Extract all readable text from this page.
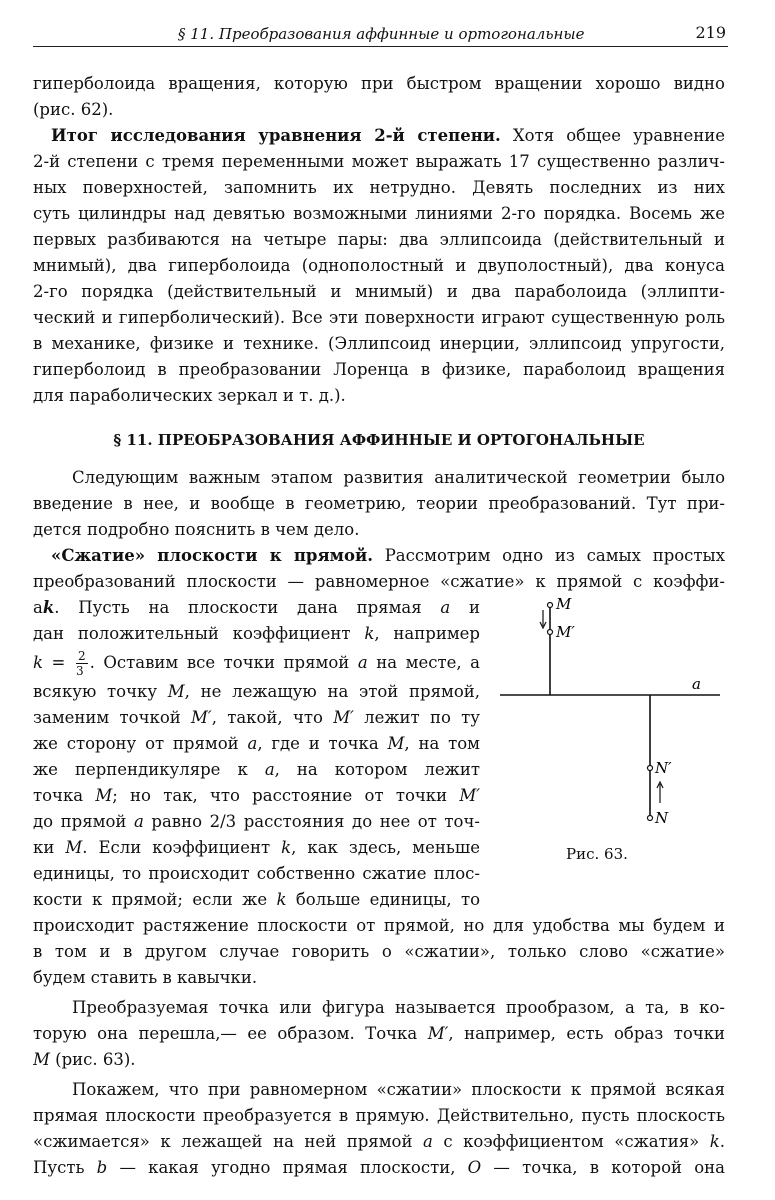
§ 11. Преобразования аффинные и ортогональные	219
гиперболоида вращения, которую при быстром вращении хорошо видно
(рис. 62).
Итог исследования уравнения 2-й степени. Хотя общее уравнение
2-й степени с тремя переменными может выражать 17 существенно различ-
ных поверхностей, запомнить их нетрудно. Девять последних из них
суть цилиндры над девятью возможными линиями 2-го порядка. Восемь же
первых разбиваются на четыре пары: два эллипсоида (действительный и
мнимый), два гиперболоида (однополостный и двуполостный), два конуса
2-го порядка (действительный и мнимый) и два параболоида (эллипти-
ческий и гиперболический). Все эти поверхности играют существенную роль
в механике, физике и технике. (Эллипсоид инерции, эллипсоид упругости,
гиперболоид в преобразовании Лоренца в физике, параболоид вращения
для параболических зеркал и т. д.).
§ 11. ПРЕОБРАЗОВАНИЯ АФФИННЫЕ И ОРТОГОНАЛЬНЫЕ
Следующим важным этапом развития аналитической геометрии было
введение в нее, и вообще в геометрию, теории преобразований. Тут при-
дется подробно пояснить в чем дело.
«Сжатие» плоскости к прямой. Рассмотрим одно из самых простых
преобразований плоскости — равномерное «сжатие» к прямой с коэффи-
ak. Пусть на плоскости дана прямая a и
дан положительный коэффициент k, например
$k = \frac{2}{3}$ . Оставим все точки прямой a на месте, а
всякую точку M, не лежащую на этой прямой,
заменим точкой M′, такой, что M′ лежит по ту
же сторону от прямой a, где и точка M, на том
же перпендикуляре к a, на котором лежит
точка M; но так, что расстояние от точки M′
до прямой a равно 2/3 расстояния до нее от точ-
ки M. Если коэффициент k, как здесь, меньше
единицы, то происходит собственно сжатие плос-
кости к прямой; если же k больше единицы, то
происходит растяжение плоскости от прямой, но для удобства мы будем и
в том и в другом случае говорить о «сжатии», только слово «сжатие»
будем ставить в кавычки.
Преобразуемая точка или фигура называется прообразом, а та, в ко-
торую она перешла,— ее образом. Точка M′, например, есть образ точки
M (рис. 63).
Покажем, что при равномерном «сжатии» плоскости к прямой всякая
прямая плоскости преобразуется в прямую. Действительно, пусть плоскость
«сжимается» к лежащей на ней прямой a с коэффициентом «сжатия» k.
Пусть b — какая угодно прямая плоскости, O — точка, в которой она
M
M′
a
N′
N
Рис. 63.
